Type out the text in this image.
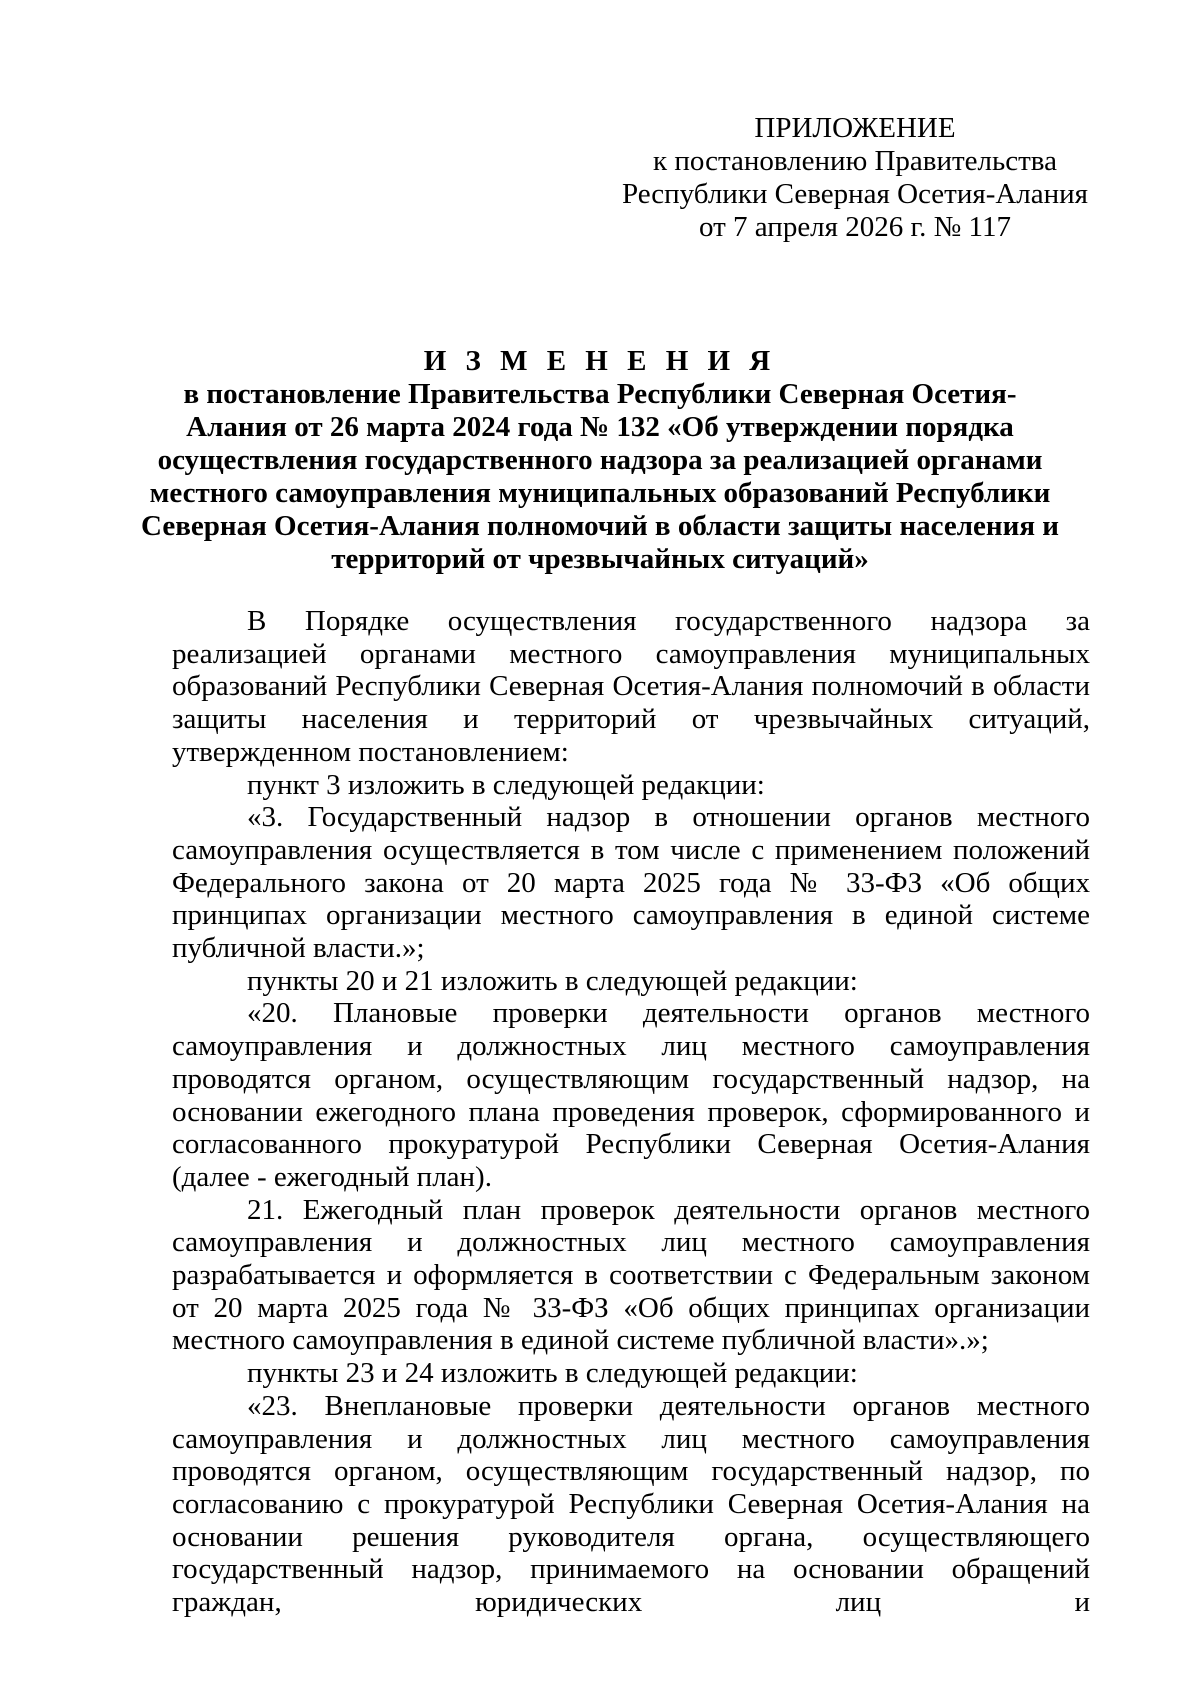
ПРИЛОЖЕНИЕ
к постановлению Правительства
Республики Северная Осетия-Алания
от 7 апреля 2026 г. № 117
И З М Е Н Е Н И Я
в постановление Правительства Республики Северная Осетия-Алания от 26 марта 2024 года № 132 «Об утверждении порядка осуществления государственного надзора за реализацией органами местного самоуправления муниципальных образований Республики Северная Осетия-Алания полномочий в области защиты населения и территорий от чрезвычайных ситуаций»

В Порядке осуществления государственного надзора за реализацией органами местного самоуправления муниципальных образований Республики Северная Осетия-Алания полномочий в области защиты населения и территорий от чрезвычайных ситуаций, утвержденном постановлением:

пункт 3 изложить в следующей редакции:

«3. Государственный надзор в отношении органов местного самоуправления осуществляется в том числе с применением положений Федерального закона от 20 марта 2025 года № 33-ФЗ «Об общих принципах организации местного самоуправления в единой системе публичной власти.»;

пункты 20 и 21 изложить в следующей редакции:

«20. Плановые проверки деятельности органов местного самоуправления и должностных лиц местного самоуправления проводятся органом, осуществляющим государственный надзор, на основании ежегодного плана проведения проверок, сформированного и согласованного прокуратурой Республики Северная Осетия-Алания (далее - ежегодный план).

21. Ежегодный план проверок деятельности органов местного самоуправления и должностных лиц местного самоуправления разрабатывается и оформляется в соответствии с Федеральным законом от 20 марта 2025 года № 33-ФЗ «Об общих принципах организации местного самоуправления в единой системе публичной власти».»;

пункты 23 и 24 изложить в следующей редакции:

«23. Внеплановые проверки деятельности органов местного самоуправления и должностных лиц местного самоуправления проводятся органом, осуществляющим государственный надзор, по согласованию с прокуратурой Республики Северная Осетия-Алания на основании решения руководителя органа, осуществляющего государственный надзор, принимаемого на основании обращений граждан, юридических лиц и
